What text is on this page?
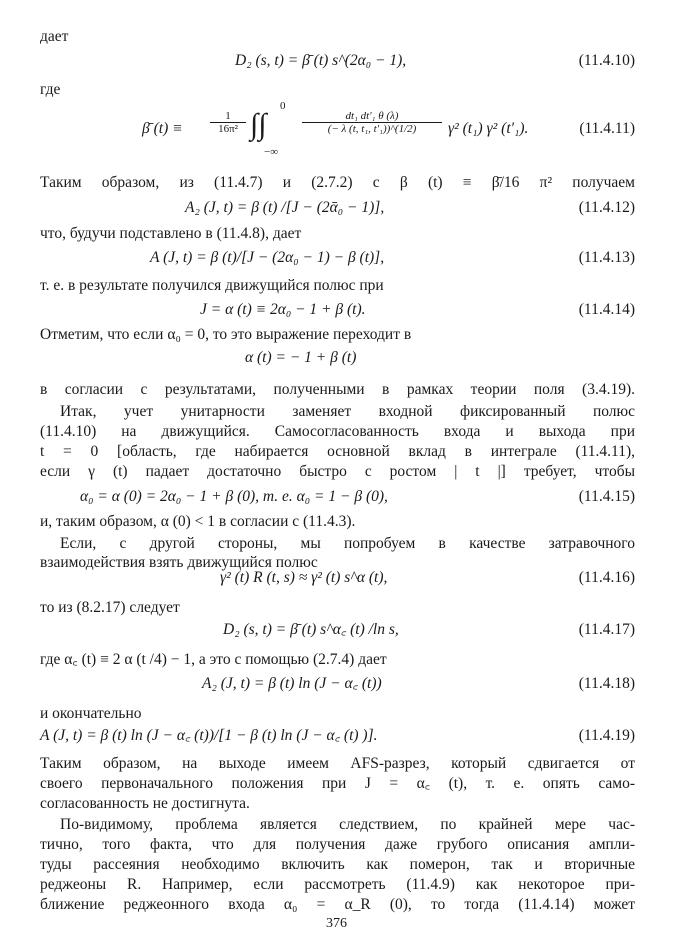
дает
D₂ (s, t) = β̄ (t) s^(2α₀ − 1),	(11.4.10)
где
β̄ $(t) \equiv \frac{1}{\text{16π²}}$ ∫∫
0
−∞
$\frac{\text{dt₁ dt′₁ θ (λ)}}{\text{(− λ (t, t₁, t′₁))\textasciicircum{}(1/2)}} \gamma^2$ (t₁) γ² (t′₁).	(11.4.11)
Таким образом, из (11.4.7) и (2.7.2) с β (t) ≡ β̄/16 π² получаем
A₂ (J, t) = β (t) /[J − (2ᾱ₀ − 1)],	(11.4.12)
что, будучи подставлено в (11.4.8), дает
A (J, t) = β (t)/[J − (2α₀ − 1) − β (t)],	(11.4.13)
т. е. в результате получился движущийся полюс при
J = α (t) ≡ 2α₀ − 1 + β (t).	(11.4.14)
Отметим, что если α₀ = 0, то это выражение переходит в
α (t) = − 1 + β (t)
в согласии с результатами, полученными в рамках теории поля (3.4.19).
Итак, учет унитарности заменяет входной фиксированный полюс
(11.4.10) на движущийся. Самосогласованность входа и выхода при
t = 0 [область, где набирается основной вклад в интеграле (11.4.11),
если γ (t) падает достаточно быстро с ростом | t |] требует, чтобы
α₀ = α (0) = 2α₀ − 1 + β (0), т. е. α₀ = 1 − β (0),	(11.4.15)
и, таким образом, α (0) < 1 в согласии с (11.4.3).
Если, с другой стороны, мы попробуем в качестве затравочного
взаимодействия взять движущийся полюс
γ² (t) R (t, s) ≈ γ² (t) s^α (t),	(11.4.16)
то из (8.2.17) следует
D₂ (s, t) = β̄ (t) s^α꜀ (t) /ln s,	(11.4.17)
где α꜀ (t) ≡ 2 α (t /4) − 1, а это с помощью (2.7.4) дает
A₂ (J, t) = β (t) ln (J − α꜀ (t))	(11.4.18)
и окончательно
A (J, t) = β (t) ln (J − α꜀ (t))/[1 − β (t) ln (J − α꜀ (t) )].	(11.4.19)
Таким образом, на выходе имеем AFS-разрез, который сдвигается от
своего первоначального положения при J = α꜀ (t), т. е. опять само-
согласованность не достигнута.
По-видимому, проблема является следствием, по крайней мере час-
тично, того факта, что для получения даже грубого описания ампли-
туды рассеяния необходимо включить как померон, так и вторичные
реджеоны R. Например, если рассмотреть (11.4.9) как некоторое при-
ближение реджеонного входа α₀ = α_R (0), то тогда (11.4.14) может
376
